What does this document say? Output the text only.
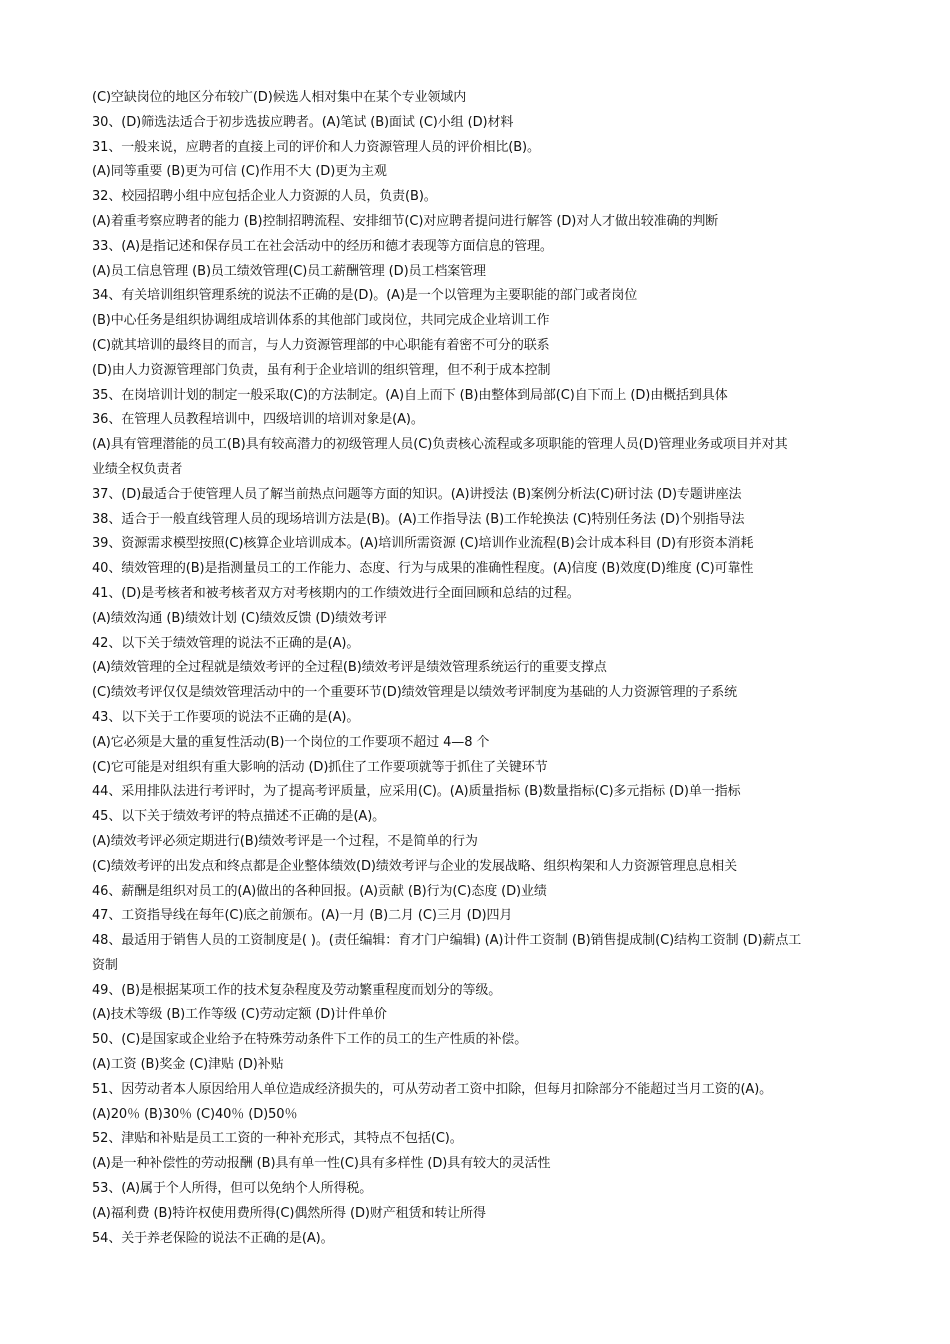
(C)空缺岗位的地区分布较广(D)候选人相对集中在某个专业领域内
30、(D)筛选法适合于初步选拔应聘者。(A)笔试 (B)面试 (C)小组 (D)材料
31、一般来说，应聘者的直接上司的评价和人力资源管理人员的评价相比(B)。
(A)同等重要 (B)更为可信 (C)作用不大 (D)更为主观
32、校园招聘小组中应包括企业人力资源的人员，负责(B)。
(A)着重考察应聘者的能力 (B)控制招聘流程、安排细节(C)对应聘者提问进行解答 (D)对人才做出较准确的判断
33、(A)是指记述和保存员工在社会活动中的经历和德才表现等方面信息的管理。
(A)员工信息管理 (B)员工绩效管理(C)员工薪酬管理 (D)员工档案管理
34、有关培训组织管理系统的说法不正确的是(D)。(A)是一个以管理为主要职能的部门或者岗位
(B)中心任务是组织协调组成培训体系的其他部门或岗位，共同完成企业培训工作
(C)就其培训的最终目的而言，与人力资源管理部的中心职能有着密不可分的联系
(D)由人力资源管理部门负责，虽有利于企业培训的组织管理，但不利于成本控制
35、在岗培训计划的制定一般采取(C)的方法制定。(A)自上而下 (B)由整体到局部(C)自下而上 (D)由概括到具体
36、在管理人员教程培训中，四级培训的培训对象是(A)。
(A)具有管理潜能的员工(B)具有较高潜力的初级管理人员(C)负责核心流程或多项职能的管理人员(D)管理业务或项目并对其
业绩全权负责者
37、(D)最适合于使管理人员了解当前热点问题等方面的知识。(A)讲授法 (B)案例分析法(C)研讨法 (D)专题讲座法
38、适合于一般直线管理人员的现场培训方法是(B)。(A)工作指导法 (B)工作轮换法 (C)特别任务法 (D)个别指导法
39、资源需求模型按照(C)核算企业培训成本。(A)培训所需资源 (C)培训作业流程(B)会计成本科目 (D)有形资本消耗
40、绩效管理的(B)是指测量员工的工作能力、态度、行为与成果的准确性程度。(A)信度 (B)效度(D)维度 (C)可靠性
41、(D)是考核者和被考核者双方对考核期内的工作绩效进行全面回顾和总结的过程。
(A)绩效沟通 (B)绩效计划 (C)绩效反馈 (D)绩效考评
42、以下关于绩效管理的说法不正确的是(A)。
(A)绩效管理的全过程就是绩效考评的全过程(B)绩效考评是绩效管理系统运行的重要支撑点
(C)绩效考评仅仅是绩效管理活动中的一个重要环节(D)绩效管理是以绩效考评制度为基础的人力资源管理的子系统
43、以下关于工作要项的说法不正确的是(A)。
(A)它必须是大量的重复性活动(B)一个岗位的工作要项不超过 4—8 个
(C)它可能是对组织有重大影响的活动 (D)抓住了工作要项就等于抓住了关键环节
44、采用排队法进行考评时，为了提高考评质量，应采用(C)。(A)质量指标 (B)数量指标(C)多元指标 (D)单一指标
45、以下关于绩效考评的特点描述不正确的是(A)。
(A)绩效考评必须定期进行(B)绩效考评是一个过程，不是简单的行为
(C)绩效考评的出发点和终点都是企业整体绩效(D)绩效考评与企业的发展战略、组织构架和人力资源管理息息相关
46、薪酬是组织对员工的(A)做出的各种回报。(A)贡献 (B)行为(C)态度 (D)业绩
47、工资指导线在每年(C)底之前颁布。(A)一月 (B)二月 (C)三月 (D)四月
48、最适用于销售人员的工资制度是( )。(责任编辑：育才门户编辑) (A)计件工资制 (B)销售提成制(C)结构工资制 (D)薪点工
资制
49、(B)是根据某项工作的技术复杂程度及劳动繁重程度而划分的等级。
(A)技术等级 (B)工作等级 (C)劳动定额 (D)计件单价
50、(C)是国家或企业给予在特殊劳动条件下工作的员工的生产性质的补偿。
(A)工资 (B)奖金 (C)津贴 (D)补贴
51、因劳动者本人原因给用人单位造成经济损失的，可从劳动者工资中扣除，但每月扣除部分不能超过当月工资的(A)。
(A)20％ (B)30％ (C)40％ (D)50％
52、津贴和补贴是员工工资的一种补充形式，其特点不包括(C)。
(A)是一种补偿性的劳动报酬 (B)具有单一性(C)具有多样性 (D)具有较大的灵活性
53、(A)属于个人所得，但可以免纳个人所得税。
(A)福利费 (B)特许权使用费所得(C)偶然所得 (D)财产租赁和转让所得
54、关于养老保险的说法不正确的是(A)。
